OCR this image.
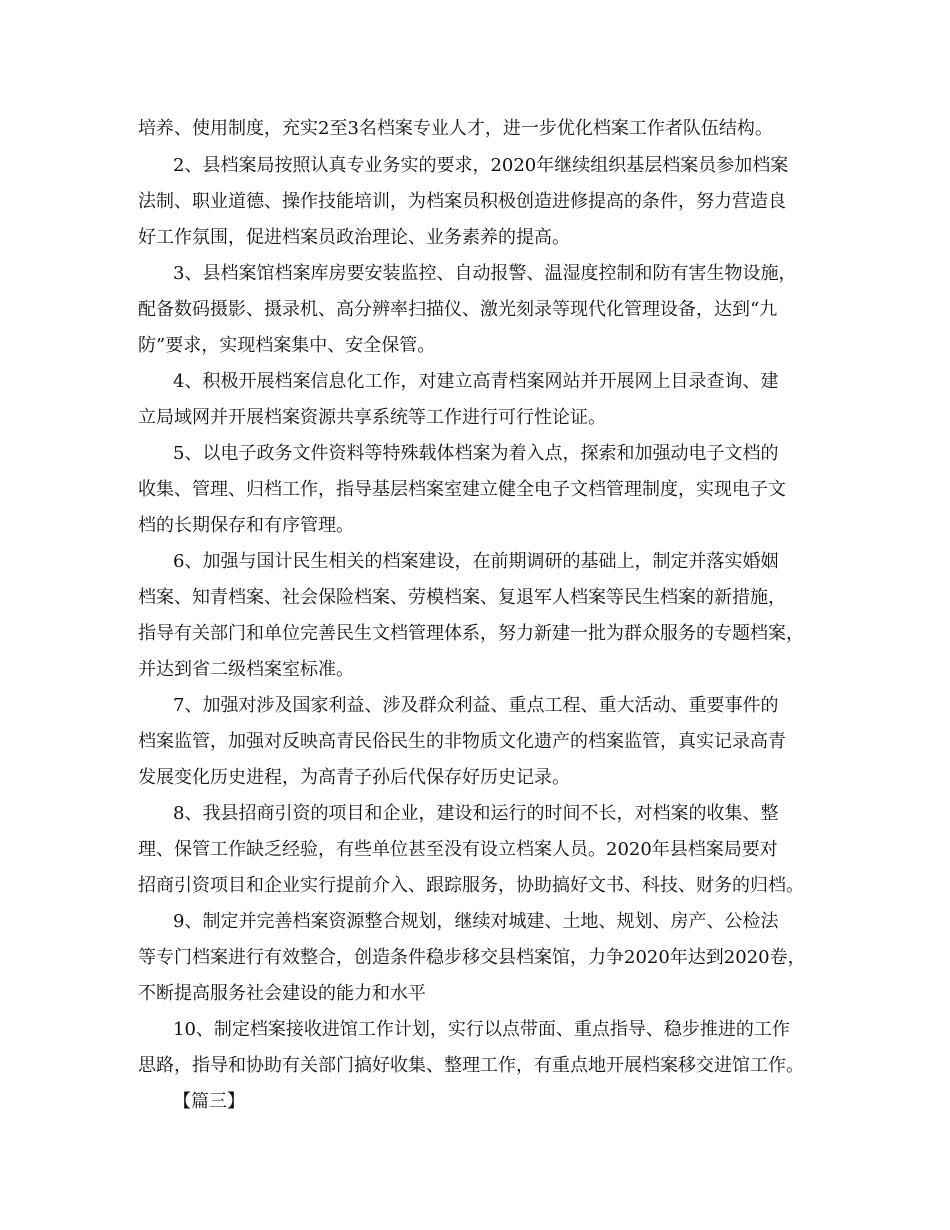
培养、使用制度，充实2至3名档案专业人才，进一步优化档案工作者队伍结构。
2、县档案局按照认真专业务实的要求，2020年继续组织基层档案员参加档案
法制、职业道德、操作技能培训，为档案员积极创造进修提高的条件，努力营造良
好工作氛围，促进档案员政治理论、业务素养的提高。
3、县档案馆档案库房要安装监控、自动报警、温湿度控制和防有害生物设施，
配备数码摄影、摄录机、高分辨率扫描仪、激光刻录等现代化管理设备，达到“九
防”要求，实现档案集中、安全保管。
4、积极开展档案信息化工作，对建立高青档案网站并开展网上目录查询、建
立局域网并开展档案资源共享系统等工作进行可行性论证。
5、以电子政务文件资料等特殊载体档案为着入点，探索和加强动电子文档的
收集、管理、归档工作，指导基层档案室建立健全电子文档管理制度，实现电子文
档的长期保存和有序管理。
6、加强与国计民生相关的档案建设，在前期调研的基础上，制定并落实婚姻
档案、知青档案、社会保险档案、劳模档案、复退军人档案等民生档案的新措施，
指导有关部门和单位完善民生文档管理体系，努力新建一批为群众服务的专题档案，
并达到省二级档案室标准。
7、加强对涉及国家利益、涉及群众利益、重点工程、重大活动、重要事件的
档案监管，加强对反映高青民俗民生的非物质文化遗产的档案监管，真实记录高青
发展变化历史进程，为高青子孙后代保存好历史记录。
8、我县招商引资的项目和企业，建设和运行的时间不长，对档案的收集、整
理、保管工作缺乏经验，有些单位甚至没有设立档案人员。2020年县档案局要对
招商引资项目和企业实行提前介入、跟踪服务，协助搞好文书、科技、财务的归档。
9、制定并完善档案资源整合规划，继续对城建、土地、规划、房产、公检法
等专门档案进行有效整合，创造条件稳步移交县档案馆，力争2020年达到2020卷，
不断提高服务社会建设的能力和水平
10、制定档案接收进馆工作计划，实行以点带面、重点指导、稳步推进的工作
思路，指导和协助有关部门搞好收集、整理工作，有重点地开展档案移交进馆工作。
【篇三】
